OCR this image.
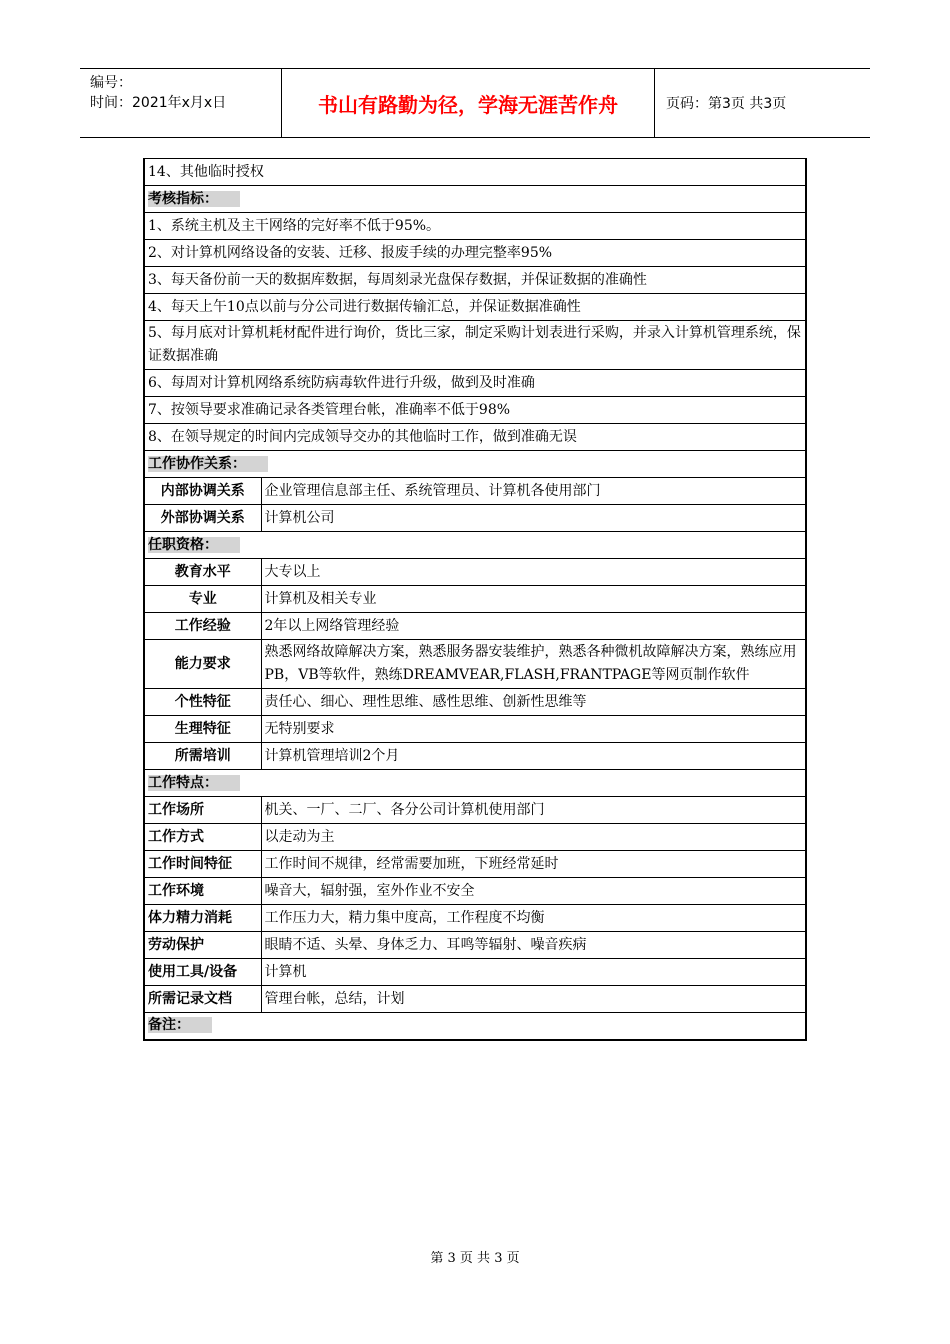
编号：
时间：2021年x月x日	书山有路勤为径，学海无涯苦作舟	页码：第3页 共3页
14、其他临时授权	
考核指标：	
1、系统主机及主干网络的完好率不低于95%。	
2、对计算机网络设备的安装、迁移、报废手续的办理完整率95%	
3、每天备份前一天的数据库数据，每周刻录光盘保存数据，并保证数据的准确性	
4、每天上午10点以前与分公司进行数据传输汇总，并保证数据准确性	
5、每月底对计算机耗材配件进行询价，货比三家，制定采购计划表进行采购，并录入计算机管理系统，保证数据准确	
6、每周对计算机网络系统防病毒软件进行升级，做到及时准确	
7、按领导要求准确记录各类管理台帐，准确率不低于98%	
8、在领导规定的时间内完成领导交办的其他临时工作，做到准确无误	
工作协作关系：	
内部协调关系	企业管理信息部主任、系统管理员、计算机各使用部门
外部协调关系	计算机公司
任职资格：	
教育水平	大专以上
专业	计算机及相关专业
工作经验	2年以上网络管理经验
能力要求	熟悉网络故障解决方案，熟悉服务器安装维护，熟悉各种微机故障解决方案，熟练应用PB，VB等软件，熟练DREAMVEAR,FLASH,FRANTPAGE等网页制作软件
个性特征	责任心、细心、理性思维、感性思维、创新性思维等
生理特征	无特别要求
所需培训	计算机管理培训2个月
工作特点：	
工作场所	机关、一厂、二厂、各分公司计算机使用部门
工作方式	以走动为主
工作时间特征	工作时间不规律，经常需要加班，下班经常延时
工作环境	噪音大，辐射强，室外作业不安全
体力精力消耗	工作压力大，精力集中度高，工作程度不均衡
劳动保护	眼睛不适、头晕、身体乏力、耳鸣等辐射、噪音疾病
使用工具/设备	计算机
所需记录文档	管理台帐，总结，计划
备注：	
第 3 页 共 3 页
